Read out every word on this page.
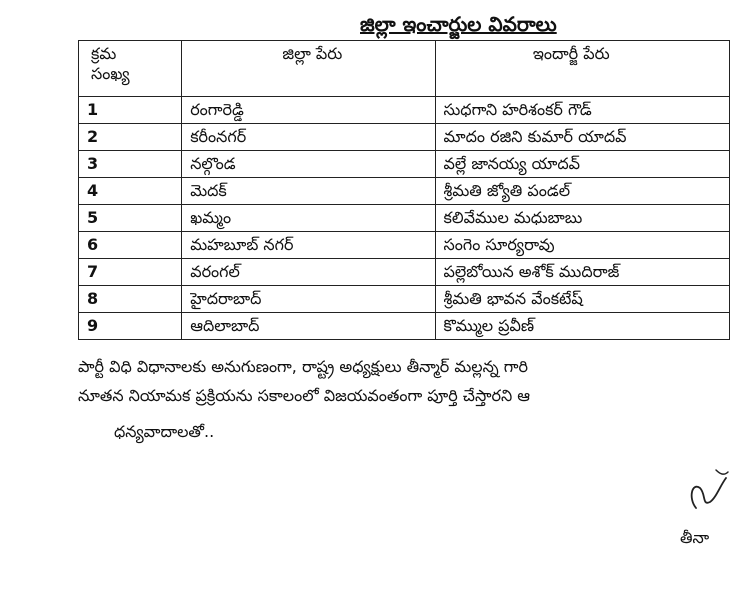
జిల్లా ఇంచార్జుల వివరాలు
క్రమ
సంఖ్య	జిల్లా పేరు	ఇందార్జీ పేరు
1	రంగారెడ్డి	సుధగాని హరిశంకర్ గౌడ్
2	కరీంనగర్	మాదం రజిని కుమార్ యాదవ్
3	నల్గొండ	వల్లే జానయ్య యాదవ్
4	మెదక్	శ్రీమతి జ్యోతి పండల్
5	ఖమ్మం	కలివేముల మధుబాబు
6	మహబూబ్ నగర్	సంగెం సూర్యరావు
7	వరంగల్	పల్లెబోయిన అశోక్ ముదిరాజ్
8	హైదరాబాద్	శ్రీమతి భావన వేంకటేష్
9	ఆదిలాబాద్	కొమ్ముల ప్రవీణ్
పార్టీ విధి విధానాలకు అనుగుణంగా, రాష్ట్ర అధ్యక్షులు తీన్మార్ మల్లన్న గారి
నూతన నియామక ప్రక్రియను సకాలంలో విజయవంతంగా పూర్తి చేస్తారని ఆ
ధన్యవాదాలతో..
తీనా
